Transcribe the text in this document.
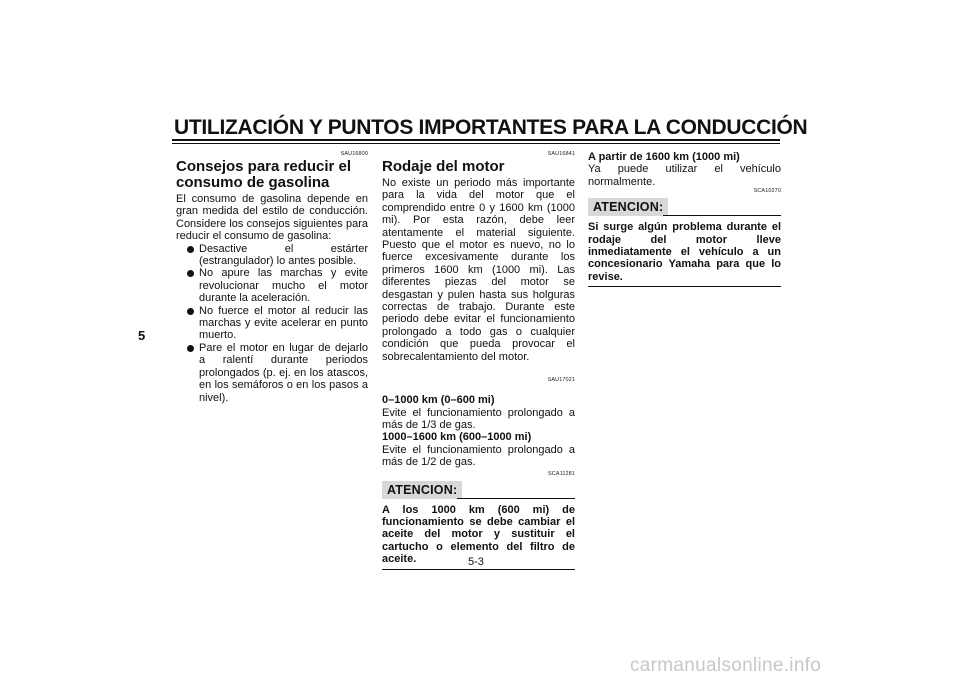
UTILIZACIÓN Y PUNTOS IMPORTANTES PARA LA CONDUCCIÓN
5
SAU16800
Consejos para reducir el consumo de gasolina

El consumo de gasolina depende en gran medida del estilo de conducción. Considere los consejos siguientes para reducir el consumo de gasolina:

Desactive el estárter (estrangulador) lo antes posible.
No apure las marchas y evite revolucionar mucho el motor durante la aceleración.
No fuerce el motor al reducir las marchas y evite acelerar en punto muerto.
Pare el motor en lugar de dejarlo a ralentí durante periodos prolongados (p. ej. en los atascos, en los semáforos o en los pasos a nivel).
SAU16841
Rodaje del motor

No existe un periodo más importante para la vida del motor que el comprendido entre 0 y 1600 km (1000 mi). Por esta razón, debe leer atentamente el material siguiente. Puesto que el motor es nuevo, no lo fuerce excesivamente durante los primeros 1600 km (1000 mi). Las diferentes piezas del motor se desgastan y pulen hasta sus holguras correctas de trabajo. Durante este periodo debe evitar el funcionamiento prolongado a todo gas o cualquier condición que pueda provocar el sobrecalentamiento del motor.

SAU17021
0–1000 km (0–600 mi)

Evite el funcionamiento prolongado a más de 1/3 de gas.

1000–1600 km (600–1000 mi)

Evite el funcionamiento prolongado a más de 1/2 de gas.

SCA11281
ATENCION:
A los 1000 km (600 mi) de funcionamiento se debe cambiar el aceite del motor y sustituir el cartucho o elemento del filtro de aceite.
A partir de 1600 km (1000 mi)

Ya puede utilizar el vehículo normalmente.

SCA10270
ATENCION:
Si surge algún problema durante el rodaje del motor lleve inmediatamente el vehículo a un concesionario Yamaha para que lo revise.
5-3
carmanualsonline.info
